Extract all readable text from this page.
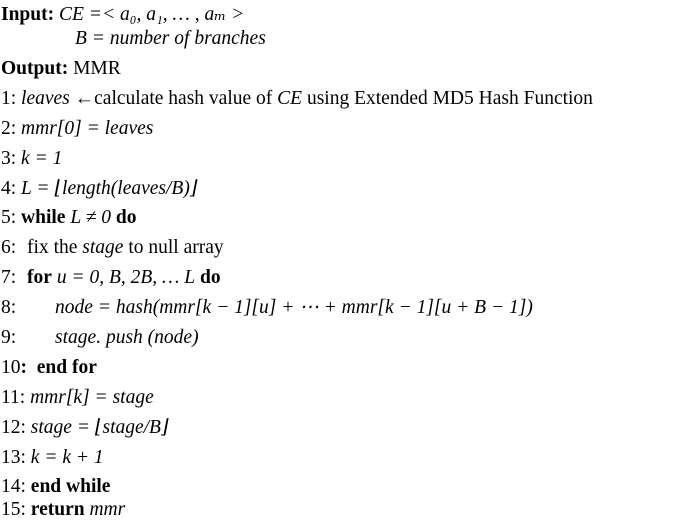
Input: CE =< a₀, a₁, … , aₘ >
B = number of branches
Output: MMR
1: leaves ←calculate hash value of CE using Extended MD5 Hash Function
2: mmr[0] = leaves
3: k = 1
4: L = ⌊length(leaves/B)⌋
5: while L ≠ 0 do
6: fix the stage to null array
7: for u = 0, B, 2B, … L do
8: node = hash(mmr[k − 1][u] + ⋯ + mmr[k − 1][u + B − 1])
9: stage. push (node)
10:  end for
11: mmr[k] = stage
12: stage = ⌊stage/B⌋
13: k = k + 1
14: end while
15: return mmr
